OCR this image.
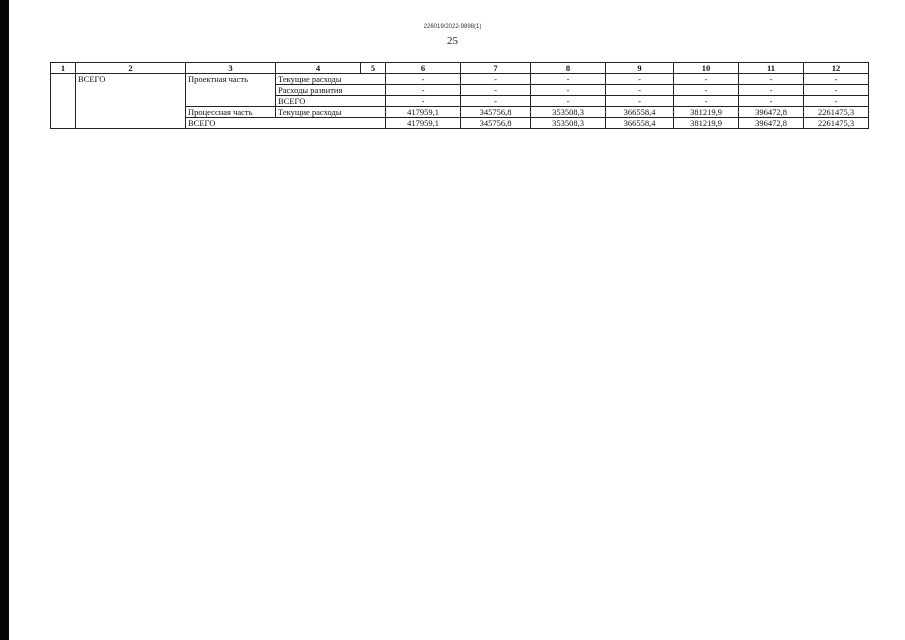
226019/2022-9898(1)
25
1	2	3	4	5	6	7	8	9	10	11	12
	ВСЕГО	Проектная часть	Текущие расходы		-	-	-	-	-	-	-
			Расходы развития		-	-	-	-	-	-	-
			ВСЕГО		-	-	-	-	-	-	-
		Процессная часть	Текущие расходы		417959,1	345756,8	353508,3	366558,4	381219,9	396472,8	2261475,3
		ВСЕГО			417959,1	345756,8	353508,3	366558,4	381219,9	396472,8	2261475,3
